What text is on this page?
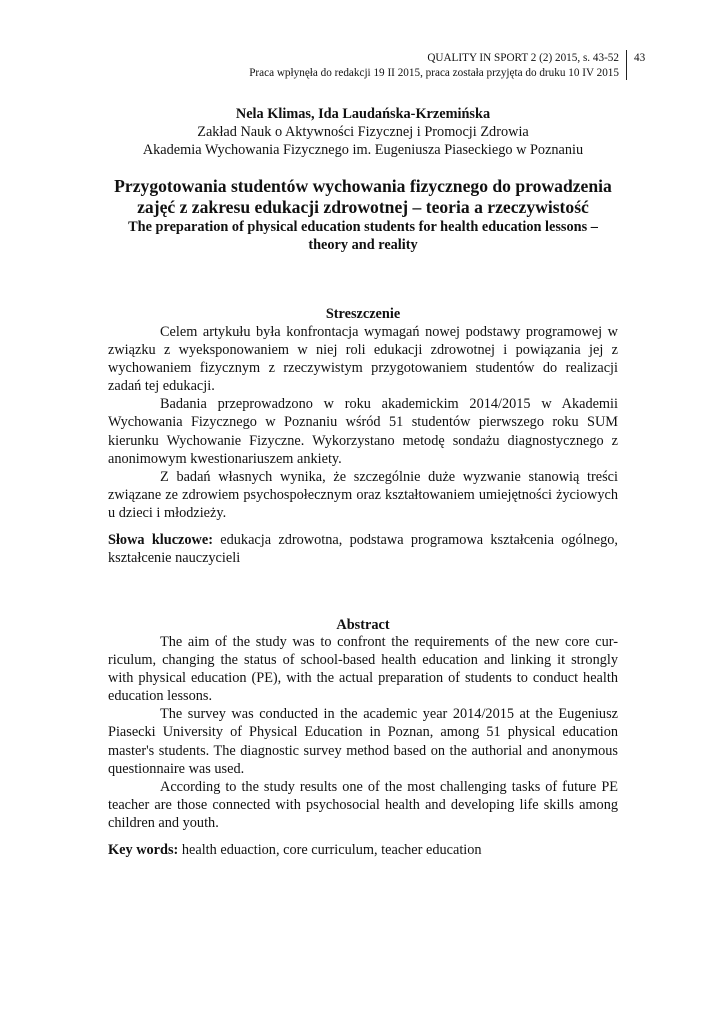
QUALITY IN SPORT 2 (2) 2015, s. 43-52
Praca wpłynęła do redakcji 19 II 2015, praca została przyjęta do druku 10 IV 2015
43
Nela Klimas, Ida Laudańska-Krzemińska
Zakład Nauk o Aktywności Fizycznej i Promocji Zdrowia
Akademia Wychowania Fizycznego im. Eugeniusza Piaseckiego w Poznaniu
Przygotowania studentów wychowania fizycznego do prowadzenia zajęć z zakresu edukacji zdrowotnej – teoria a rzeczywistość
The preparation of physical education students for health education lessons – theory and reality
Streszczenie

Celem artykułu była konfrontacja wymagań nowej podstawy programowej w związku z wyeksponowaniem w niej roli edukacji zdrowotnej i powiązania jej z wychowaniem fizycznym z rzeczywistym przygotowaniem studentów do realizacji zadań tej edukacji.

Badania przeprowadzono w roku akademickim 2014/2015 w Akademii Wychowania Fizycznego w Poznaniu wśród 51 studentów pierwszego roku SUM kierunku Wychowanie Fizyczne. Wykorzystano metodę sondażu diagnostycznego z anonimowym kwestionariuszem ankiety.

Z badań własnych wynika, że szczególnie duże wyzwanie stanowią treści związane ze zdrowiem psychospołecznym oraz kształtowaniem umiejętności życiowych u dzieci i młodzieży.

Słowa kluczowe: edukacja zdrowotna, podstawa programowa kształcenia ogólnego, kształcenie nauczycieli
Abstract

The aim of the study was to confront the requirements of the new core cur-riculum, changing the status of school-based health education and linking it strongly with physical education (PE), with the actual preparation of students to conduct health education lessons.

The survey was conducted in the academic year 2014/2015 at the Eugeniusz Piasecki University of Physical Education in Poznan, among 51 physical education master's students. The diagnostic survey method based on the authorial and anonymous questionnaire was used.

According to the study results one of the most challenging tasks of future PE teacher are those connected with psychosocial health and developing life skills among children and youth.

Key words: health eduaction, core curriculum, teacher education
